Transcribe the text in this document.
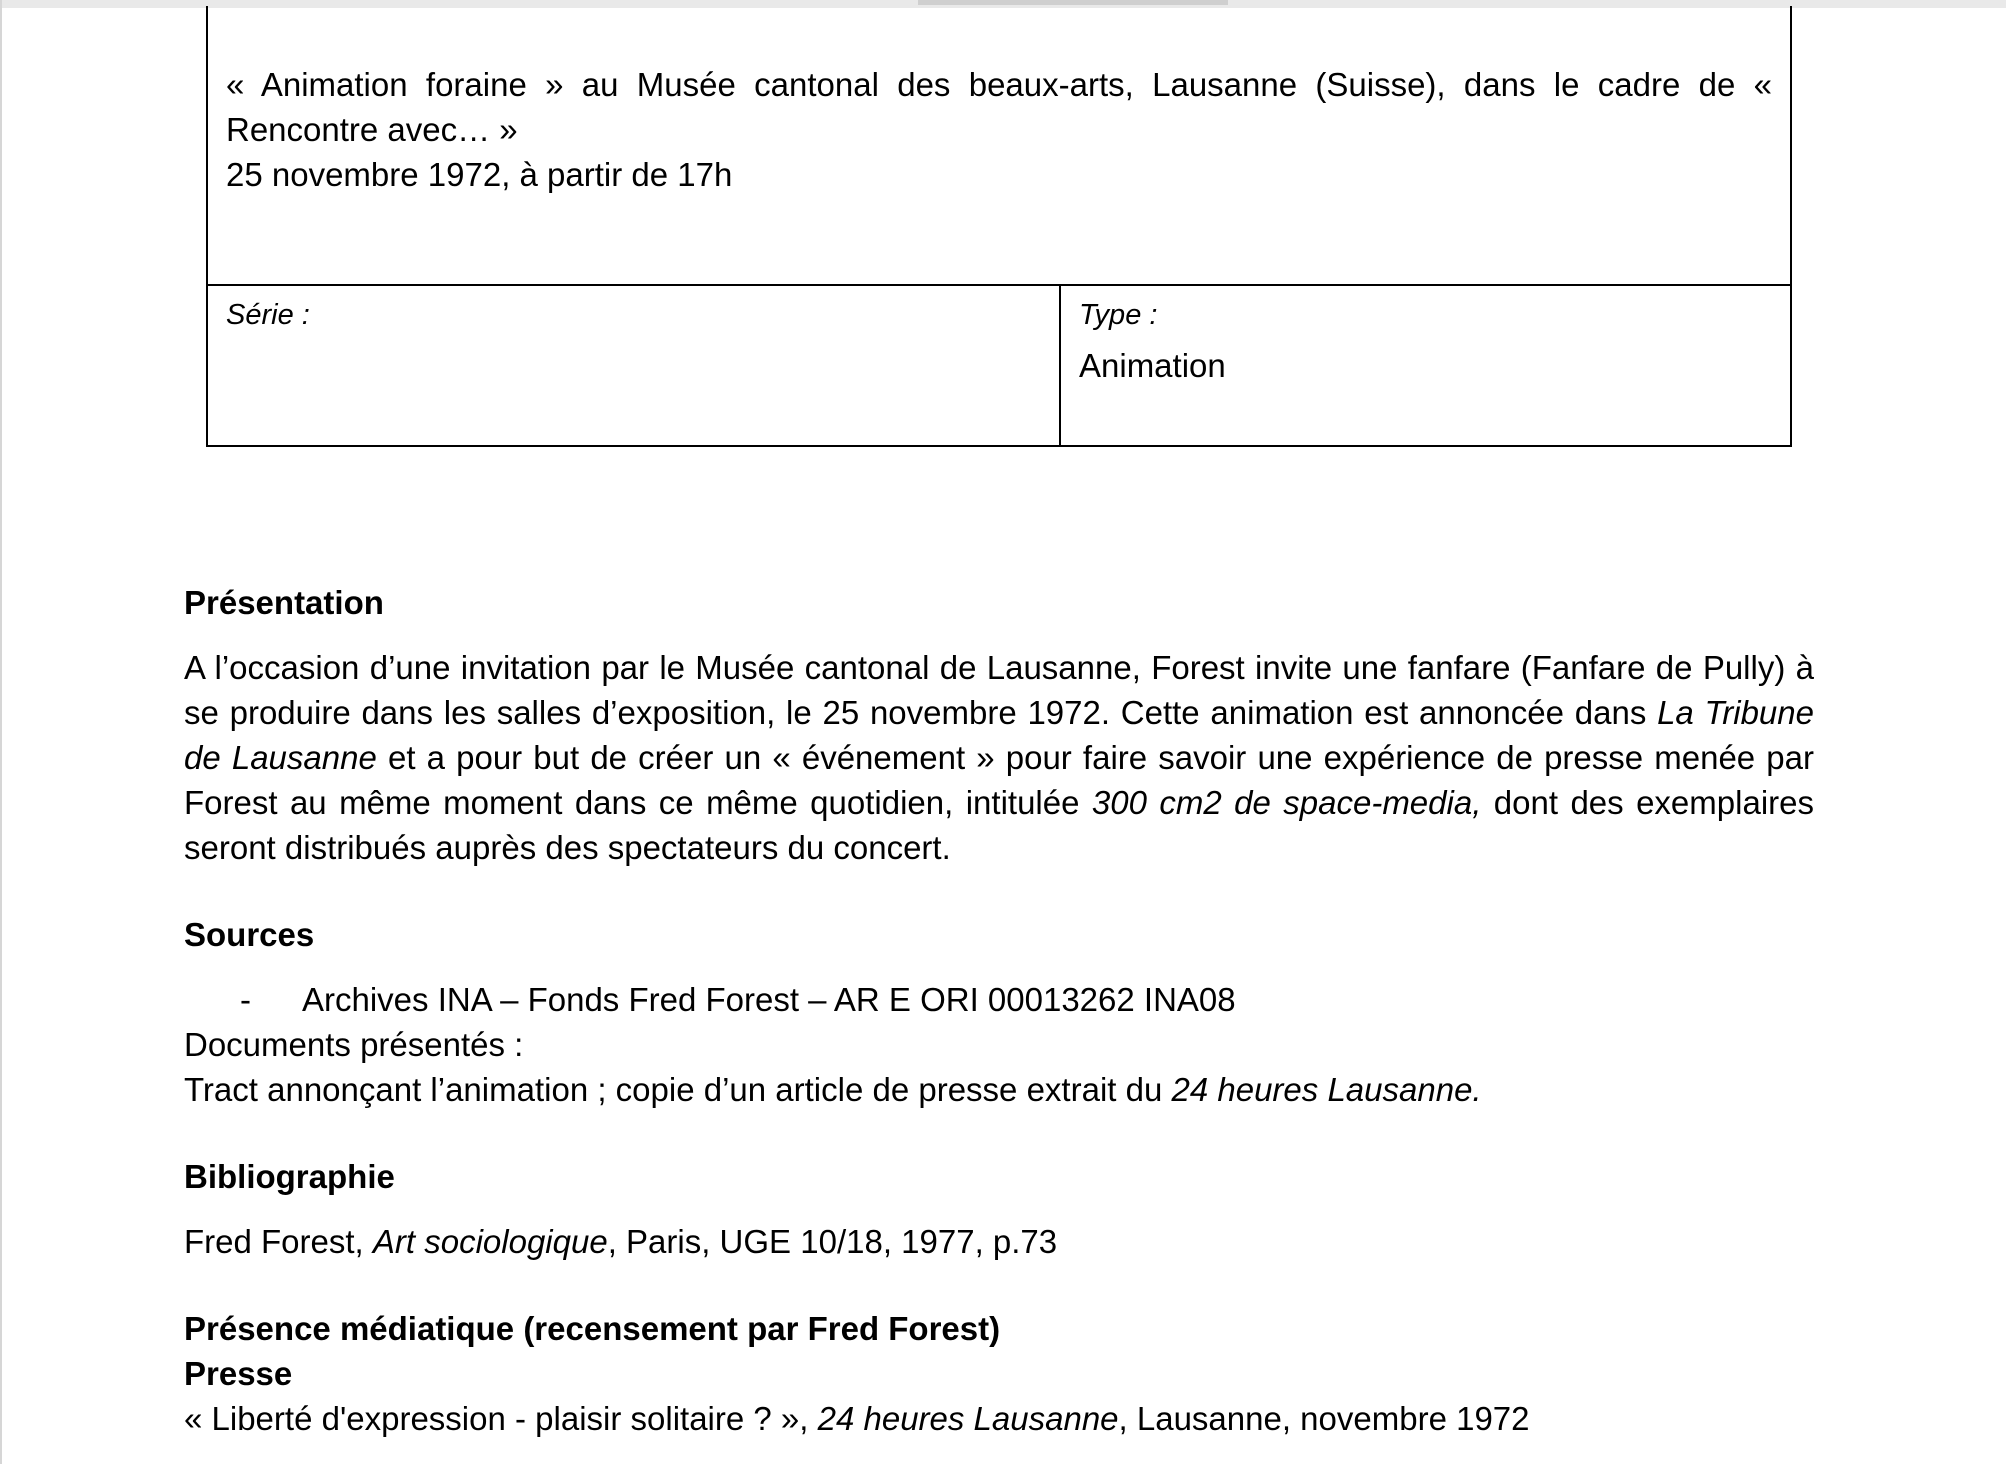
« Animation foraine » au Musée cantonal des beaux-arts, Lausanne (Suisse), dans le cadre de « Rencontre avec… »
25 novembre 1972, à partir de 17h
Série :	Type :
Animation
Présentation

A l’occasion d’une invitation par le Musée cantonal de Lausanne, Forest invite une fanfare (Fanfare de Pully) à se produire dans les salles d’exposition, le 25 novembre 1972. Cette animation est annoncée dans La Tribune de Lausanne et a pour but de créer un « événement » pour faire savoir une expérience de presse menée par Forest au même moment dans ce même quotidien, intitulée 300 cm2 de space-media, dont des exemplaires seront distribués auprès des spectateurs du concert.

Sources

- Archives INA – Fonds Fred Forest – AR E ORI 00013262 INA08

Documents présentés :

Tract annonçant l’animation ; copie d’un article de presse extrait du 24 heures Lausanne.

Bibliographie

Fred Forest, Art sociologique, Paris, UGE 10/18, 1977, p.73

Présence médiatique (recensement par Fred Forest)
Presse

« Liberté d'expression - plaisir solitaire ? », 24 heures Lausanne, Lausanne, novembre 1972
